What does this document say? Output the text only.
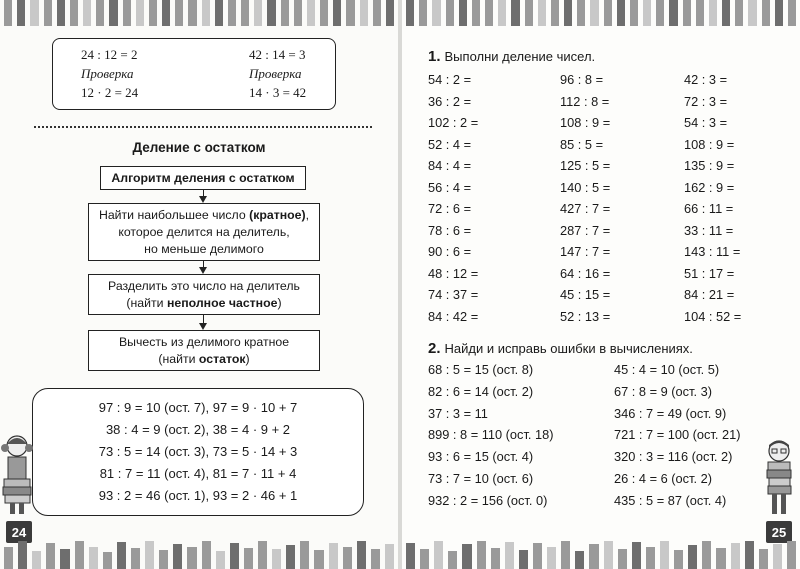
24 : 12 = 2
Проверка
12 · 2 = 24
42 : 14 = 3
Проверка
14 · 3 = 42
Деление с остатком
Алгоритм деления с остатком
Найти наибольшее число (кратное),
которое делится на делитель,
но меньше делимого
Разделить это число на делитель
(найти неполное частное)
Вычесть из делимого кратное
(найти остаток)
97 : 9 = 10 (ост. 7), 97 = 9 · 10 + 7
38 : 4 = 9 (ост. 2), 38 = 4 · 9 + 2
73 : 5 = 14 (ост. 3), 73 = 5 · 14 + 3
81 : 7 = 11 (ост. 4), 81 = 7 · 11 + 4
93 : 2 = 46 (ост. 1), 93 = 2 · 46 + 1
24
1. Выполни деление чисел.
54 : 2 =
36 : 2 =
102 : 2 =
52 : 4 =
84 : 4 =
56 : 4 =
72 : 6 =
78 : 6 =
90 : 6 =
48 : 12 =
74 : 37 =
84 : 42 =
96 : 8 =
112 : 8 =
108 : 9 =
85 : 5 =
125 : 5 =
140 : 5 =
427 : 7 =
287 : 7 =
147 : 7 =
64 : 16 =
45 : 15 =
52 : 13 =
42 : 3 =
72 : 3 =
54 : 3 =
108 : 9 =
135 : 9 =
162 : 9 =
66 : 11 =
33 : 11 =
143 : 11 =
51 : 17 =
84 : 21 =
104 : 52 =
2. Найди и исправь ошибки в вычислениях.
68 : 5 = 15 (ост. 8)
82 : 6 = 14 (ост. 2)
37 : 3 = 11
899 : 8 = 110 (ост. 18)
93 : 6 = 15 (ост. 4)
73 : 7 = 10 (ост. 6)
932 : 2 = 156 (ост. 0)
45 : 4 = 10 (ост. 5)
67 : 8 = 9 (ост. 3)
346 : 7 = 49 (ост. 9)
721 : 7 = 100 (ост. 21)
320 : 3 = 116 (ост. 2)
26 : 4 = 6 (ост. 2)
435 : 5 = 87 (ост. 4)
25
